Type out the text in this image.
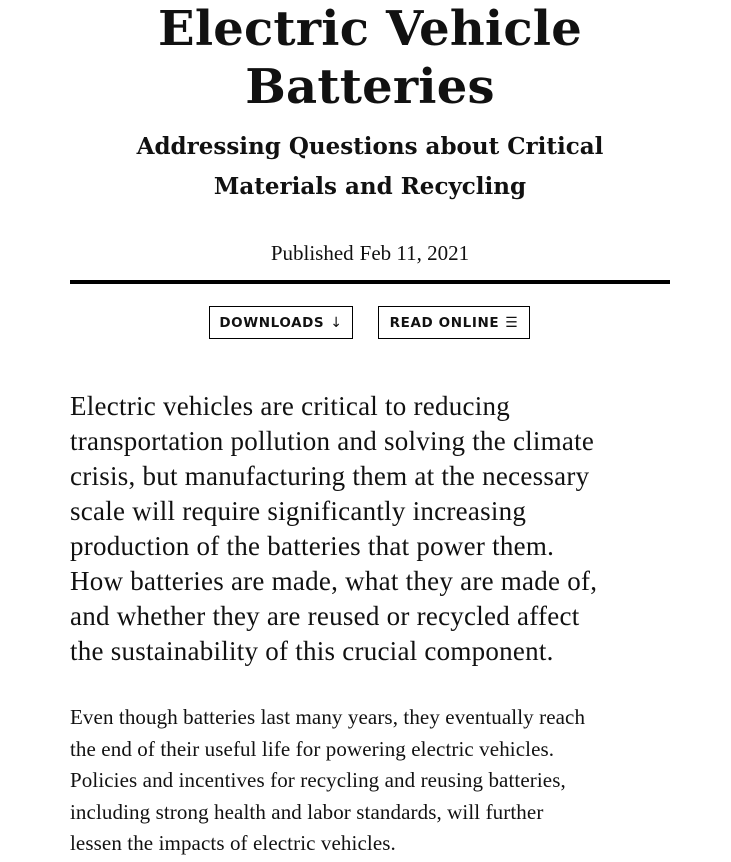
Electric Vehicle
Batteries
Addressing Questions about Critical
Materials and Recycling
Published Feb 11, 2021
DOWNLOADS ↓	READ ONLINE ☰

Electric vehicles are critical to reducing
transportation pollution and solving the climate
crisis, but manufacturing them at the necessary
scale will require significantly increasing
production of the batteries that power them.
How batteries are made, what they are made of,
and whether they are reused or recycled affect
the sustainability of this crucial component.

Even though batteries last many years, they eventually reach
the end of their useful life for powering electric vehicles.
Policies and incentives for recycling and reusing batteries,
including strong health and labor standards, will further
lessen the impacts of electric vehicles.
